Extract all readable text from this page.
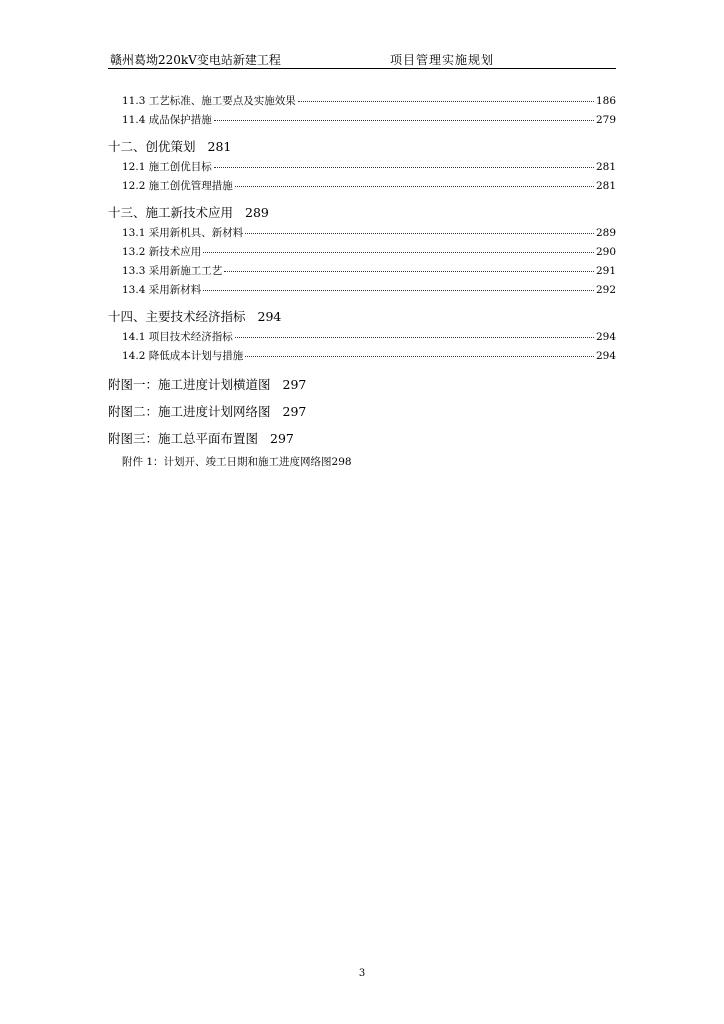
赣州葛坳220kV变电站新建工程	项目管理实施规划
11.3 工艺标准、施工要点及实施效果	186
11.4 成品保护措施	279
十二、创优策划 281
12.1 施工创优目标	281
12.2 施工创优管理措施	281
十三、施工新技术应用 289
13.1 采用新机具、新材料	289
13.2 新技术应用	290
13.3 采用新施工工艺	291
13.4 采用新材料	292
十四、主要技术经济指标 294
14.1 项目技术经济指标	294
14.2 降低成本计划与措施	294
附图一：施工进度计划横道图 297
附图二：施工进度计划网络图 297
附图三：施工总平面布置图 297
附件 1：计划开、竣工日期和施工进度网络图 298
3
